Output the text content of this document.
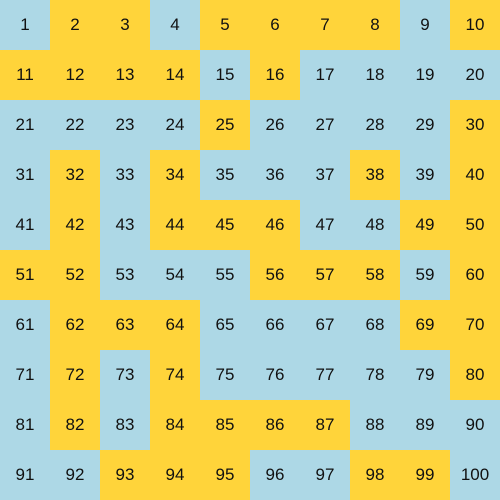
1	2	3	4	5	6	7	8	9	10
11	12	13	14	15	16	17	18	19	20
21	22	23	24	25	26	27	28	29	30
31	32	33	34	35	36	37	38	39	40
41	42	43	44	45	46	47	48	49	50
51	52	53	54	55	56	57	58	59	60
61	62	63	64	65	66	67	68	69	70
71	72	73	74	75	76	77	78	79	80
81	82	83	84	85	86	87	88	89	90
91	92	93	94	95	96	97	98	99	100
